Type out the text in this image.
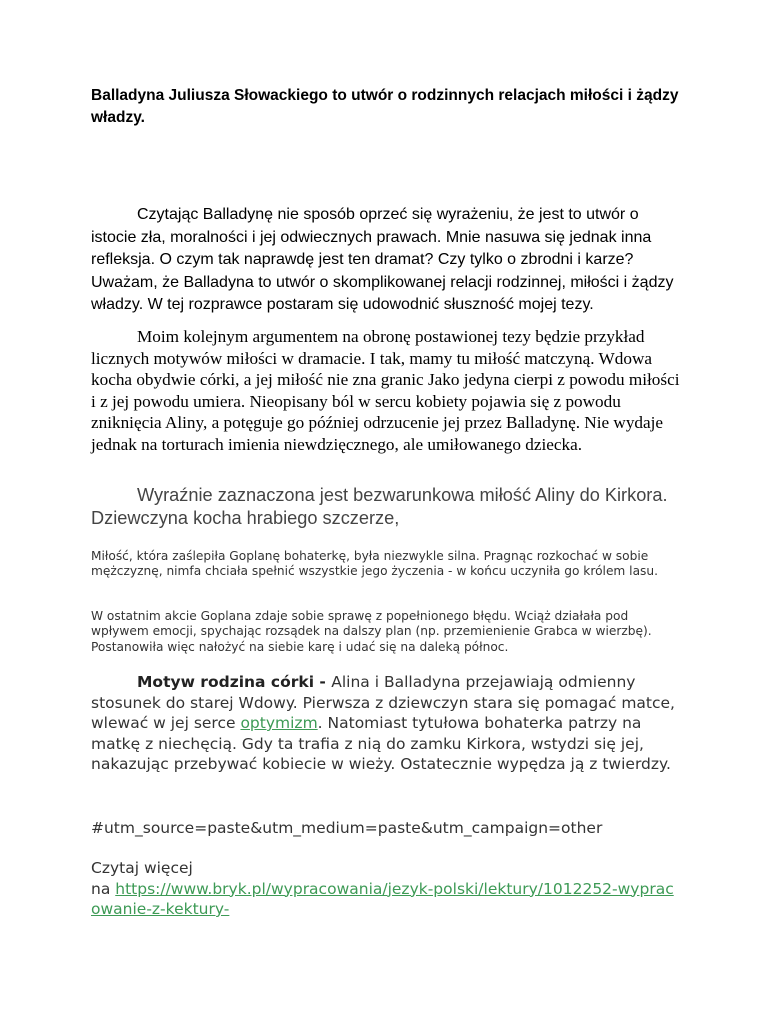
Balladyna Juliusza Słowackiego to utwór o rodzinnych relacjach miłości i żądzy władzy.

Czytając Balladynę nie sposób oprzeć się wyrażeniu, że jest to utwór o istocie zła, moralności i jej odwiecznych prawach. Mnie nasuwa się jednak inna refleksja. O czym tak naprawdę jest ten dramat? Czy tylko o zbrodni i karze? Uważam, że Balladyna to utwór o skomplikowanej relacji rodzinnej, miłości i żądzy władzy. W tej rozprawce postaram się udowodnić słuszność mojej tezy.

Moim kolejnym argumentem na obronę postawionej tezy będzie przykład licznych motywów miłości w dramacie. I tak, mamy tu miłość matczyną. Wdowa kocha obydwie córki, a jej miłość nie zna granic Jako jedyna cierpi z powodu miłości i z jej powodu umiera. Nieopisany ból w sercu kobiety pojawia się z powodu zniknięcia Aliny, a potęguje go później odrzucenie jej przez Balladynę. Nie wydaje jednak na torturach imienia niewdzięcznego, ale umiłowanego dziecka.

Wyraźnie zaznaczona jest bezwarunkowa miłość Aliny do Kirkora. Dziewczyna kocha hrabiego szczerze,

Miłość, która zaślepiła Goplanę bohaterkę, była niezwykle silna. Pragnąc rozkochać w sobie mężczyznę, nimfa chciała spełnić wszystkie jego życzenia - w końcu uczyniła go królem lasu.

W ostatnim akcie Goplana zdaje sobie sprawę z popełnionego błędu. Wciąż działała pod wpływem emocji, spychając rozsądek na dalszy plan (np. przemienienie Grabca w wierzbę). Postanowiła więc nałożyć na siebie karę i udać się na daleką północ.

Motyw rodzina córki - Alina i Balladyna przejawiają odmienny stosunek do starej Wdowy. Pierwsza z dziewczyn stara się pomagać matce, wlewać w jej serce optymizm. Natomiast tytułowa bohaterka patrzy na matkę z niechęcią. Gdy ta trafia z nią do zamku Kirkora, wstydzi się jej, nakazując przebywać kobiecie w wieży. Ostatecznie wypędza ją z twierdzy.

#utm_source=paste&utm_medium=paste&utm_campaign=other

Czytaj więcej
na https://www.bryk.pl/wypracowania/jezyk-polski/lektury/1012252-wypracowanie-z-kektury-
